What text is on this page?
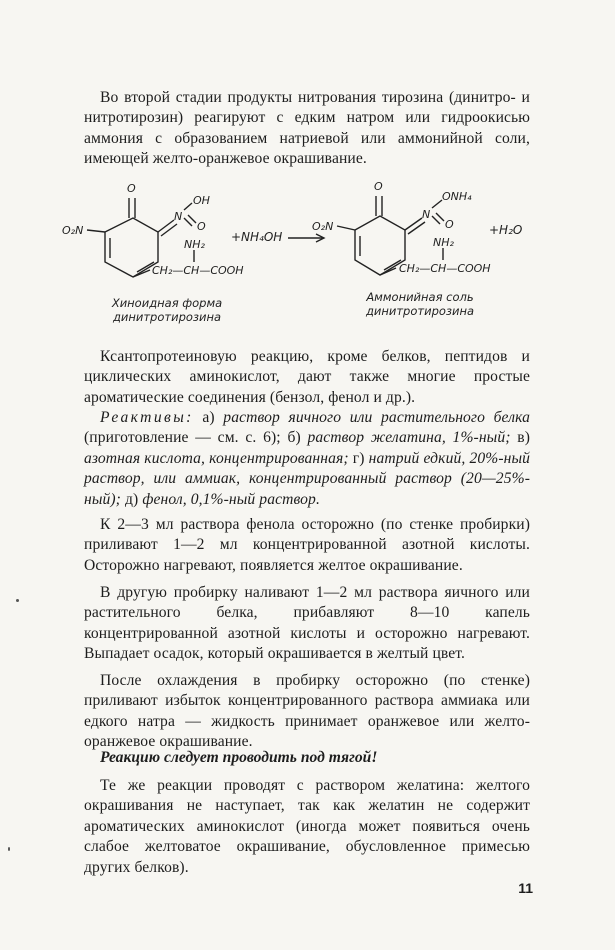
Во второй стадии продукты нитрования тирозина (динитро- и нитротирозин) реагируют с едким натром или гидроокисью аммония с образованием натриевой или аммонийной соли, имеющей желто-оранжевое окрашивание.

O
O₂N
N
OH
O
NH₂
CH₂—CH—COOH
+NH₄OH
O
O₂N
N
ONH₄
O
NH₂
CH₂—CH—COOH
+H₂O
Хиноидная форма
динитротирозина
Аммонийная соль
динитротирозина

Ксантопротеиновую реакцию, кроме белков, пептидов и циклических аминокислот, дают также многие простые ароматические соединения (бензол, фенол и др.).

Реактивы: а) раствор яичного или растительного белка (приготовление — см. с. 6); б) раствор желатина, 1%-ный; в) азотная кислота, концентрированная; г) натрий едкий, 20%-ный раствор, или аммиак, концентрированный раствор (20—25%-ный); д) фенол, 0,1%-ный раствор.

К 2—3 мл раствора фенола осторожно (по стенке пробирки) приливают 1—2 мл концентрированной азотной кислоты. Осторожно нагревают, появляется желтое окрашивание.

В другую пробирку наливают 1—2 мл раствора яичного или растительного белка, прибавляют 8—10 капель концентрированной азотной кислоты и осторожно нагревают. Выпадает осадок, который окрашивается в желтый цвет.

После охлаждения в пробирку осторожно (по стенке) приливают избыток концентрированного раствора аммиака или едкого натра — жидкость принимает оранжевое или желто-оранжевое окрашивание.

Реакцию следует проводить под тягой!

Те же реакции проводят с раствором желатина: желтого окрашивания не наступает, так как желатин не содержит ароматических аминокислот (иногда может появиться очень слабое желтоватое окрашивание, обусловленное примесью других белков).

11
